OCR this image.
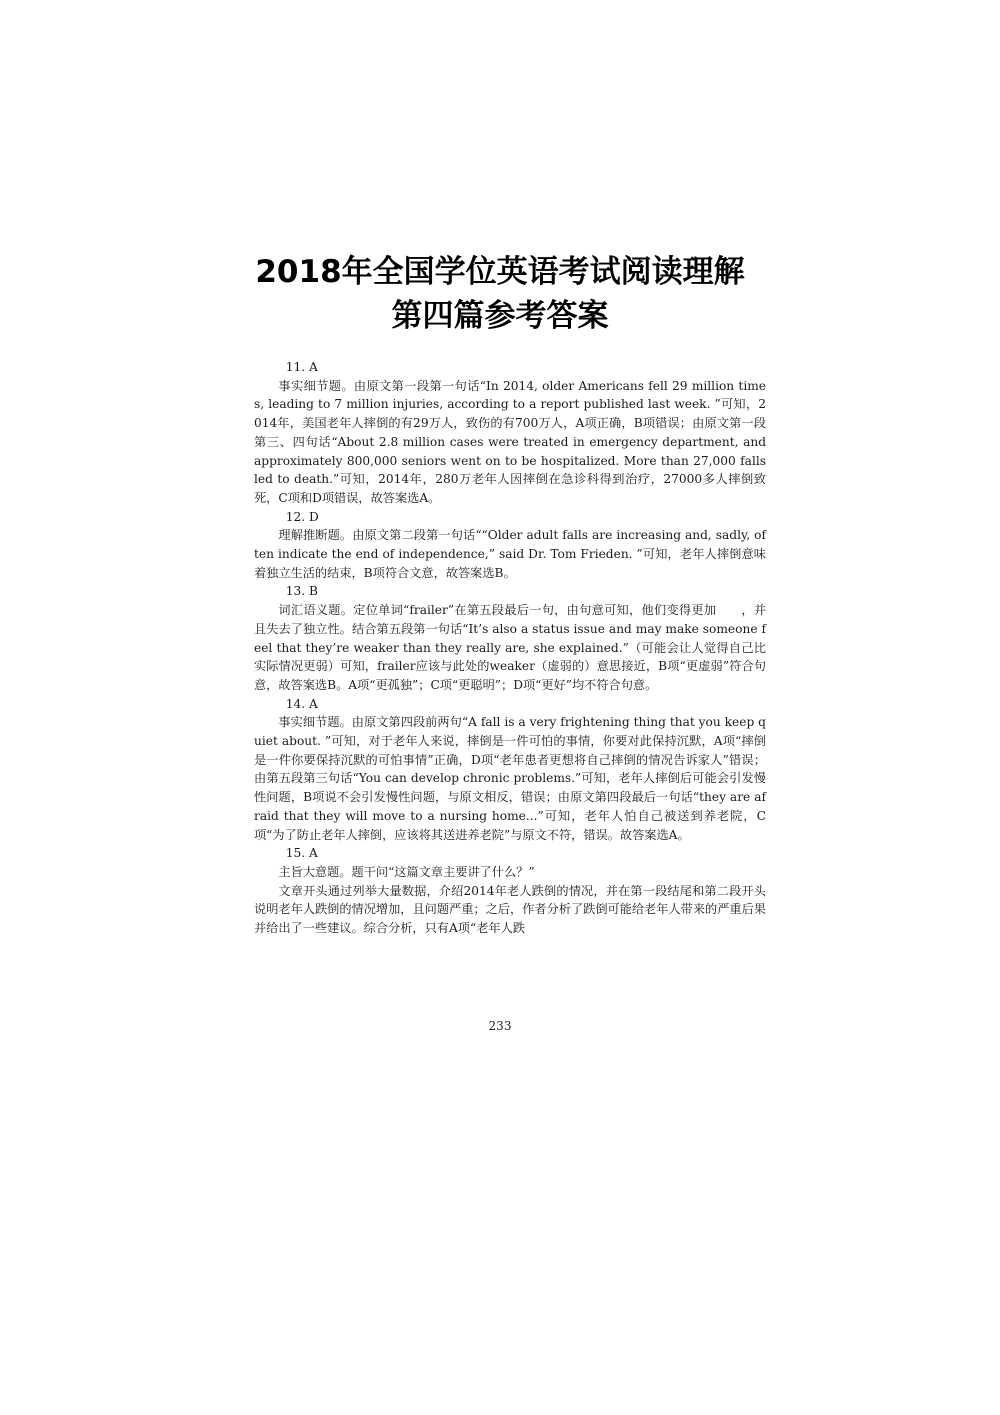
2018年全国学位英语考试阅读理解
第四篇参考答案

11. A

事实细节题。由原文第一段第一句话“In 2014, older Americans fell 29 million times, leading to 7 million injuries, according to a report published last week. ”可知，2014年，美国老年人摔倒的有29万人，致伤的有700万人，A项正确，B项错误；由原文第一段第三、四句话“About 2.8 million cases were treated in emergency department, and approximately 800,000 seniors went on to be hospitalized. More than 27,000 falls led to death.”可知，2014年，280万老年人因摔倒在急诊科得到治疗，27000多人摔倒致死，C项和D项错误，故答案选A。

12. D

理解推断题。由原文第二段第一句话““Older adult falls are increasing and, sadly, often indicate the end of independence,” said Dr. Tom Frieden. ”可知，老年人摔倒意味着独立生活的结束，B项符合文意，故答案选B。

13. B

词汇语义题。定位单词“frailer”在第五段最后一句，由句意可知，他们变得更加　　，并且失去了独立性。结合第五段第一句话“It’s also a status issue and may make someone feel that they’re weaker than they really are, she explained.”（可能会让人觉得自己比实际情况更弱）可知，frailer应该与此处的weaker（虚弱的）意思接近，B项“更虚弱”符合句意，故答案选B。A项“更孤独”；C项“更聪明”；D项“更好”均不符合句意。

14. A

事实细节题。由原文第四段前两句“A fall is a very frightening thing that you keep quiet about. ”可知，对于老年人来说，摔倒是一件可怕的事情，你要对此保持沉默，A项“摔倒是一件你要保持沉默的可怕事情”正确，D项“老年患者更想将自己摔倒的情况告诉家人”错误；由第五段第三句话“You can develop chronic problems.”可知，老年人摔倒后可能会引发慢性问题，B项说不会引发慢性问题，与原文相反，错误；由原文第四段最后一句话“they are afraid that they will move to a nursing home...”可知，老年人怕自己被送到养老院，C项“为了防止老年人摔倒，应该将其送进养老院”与原文不符，错误。故答案选A。

15. A

主旨大意题。题干问“这篇文章主要讲了什么？”

文章开头通过列举大量数据，介绍2014年老人跌倒的情况，并在第一段结尾和第二段开头说明老年人跌倒的情况增加，且问题严重；之后，作者分析了跌倒可能给老年人带来的严重后果并给出了一些建议。综合分析，只有A项“老年人跌

233
